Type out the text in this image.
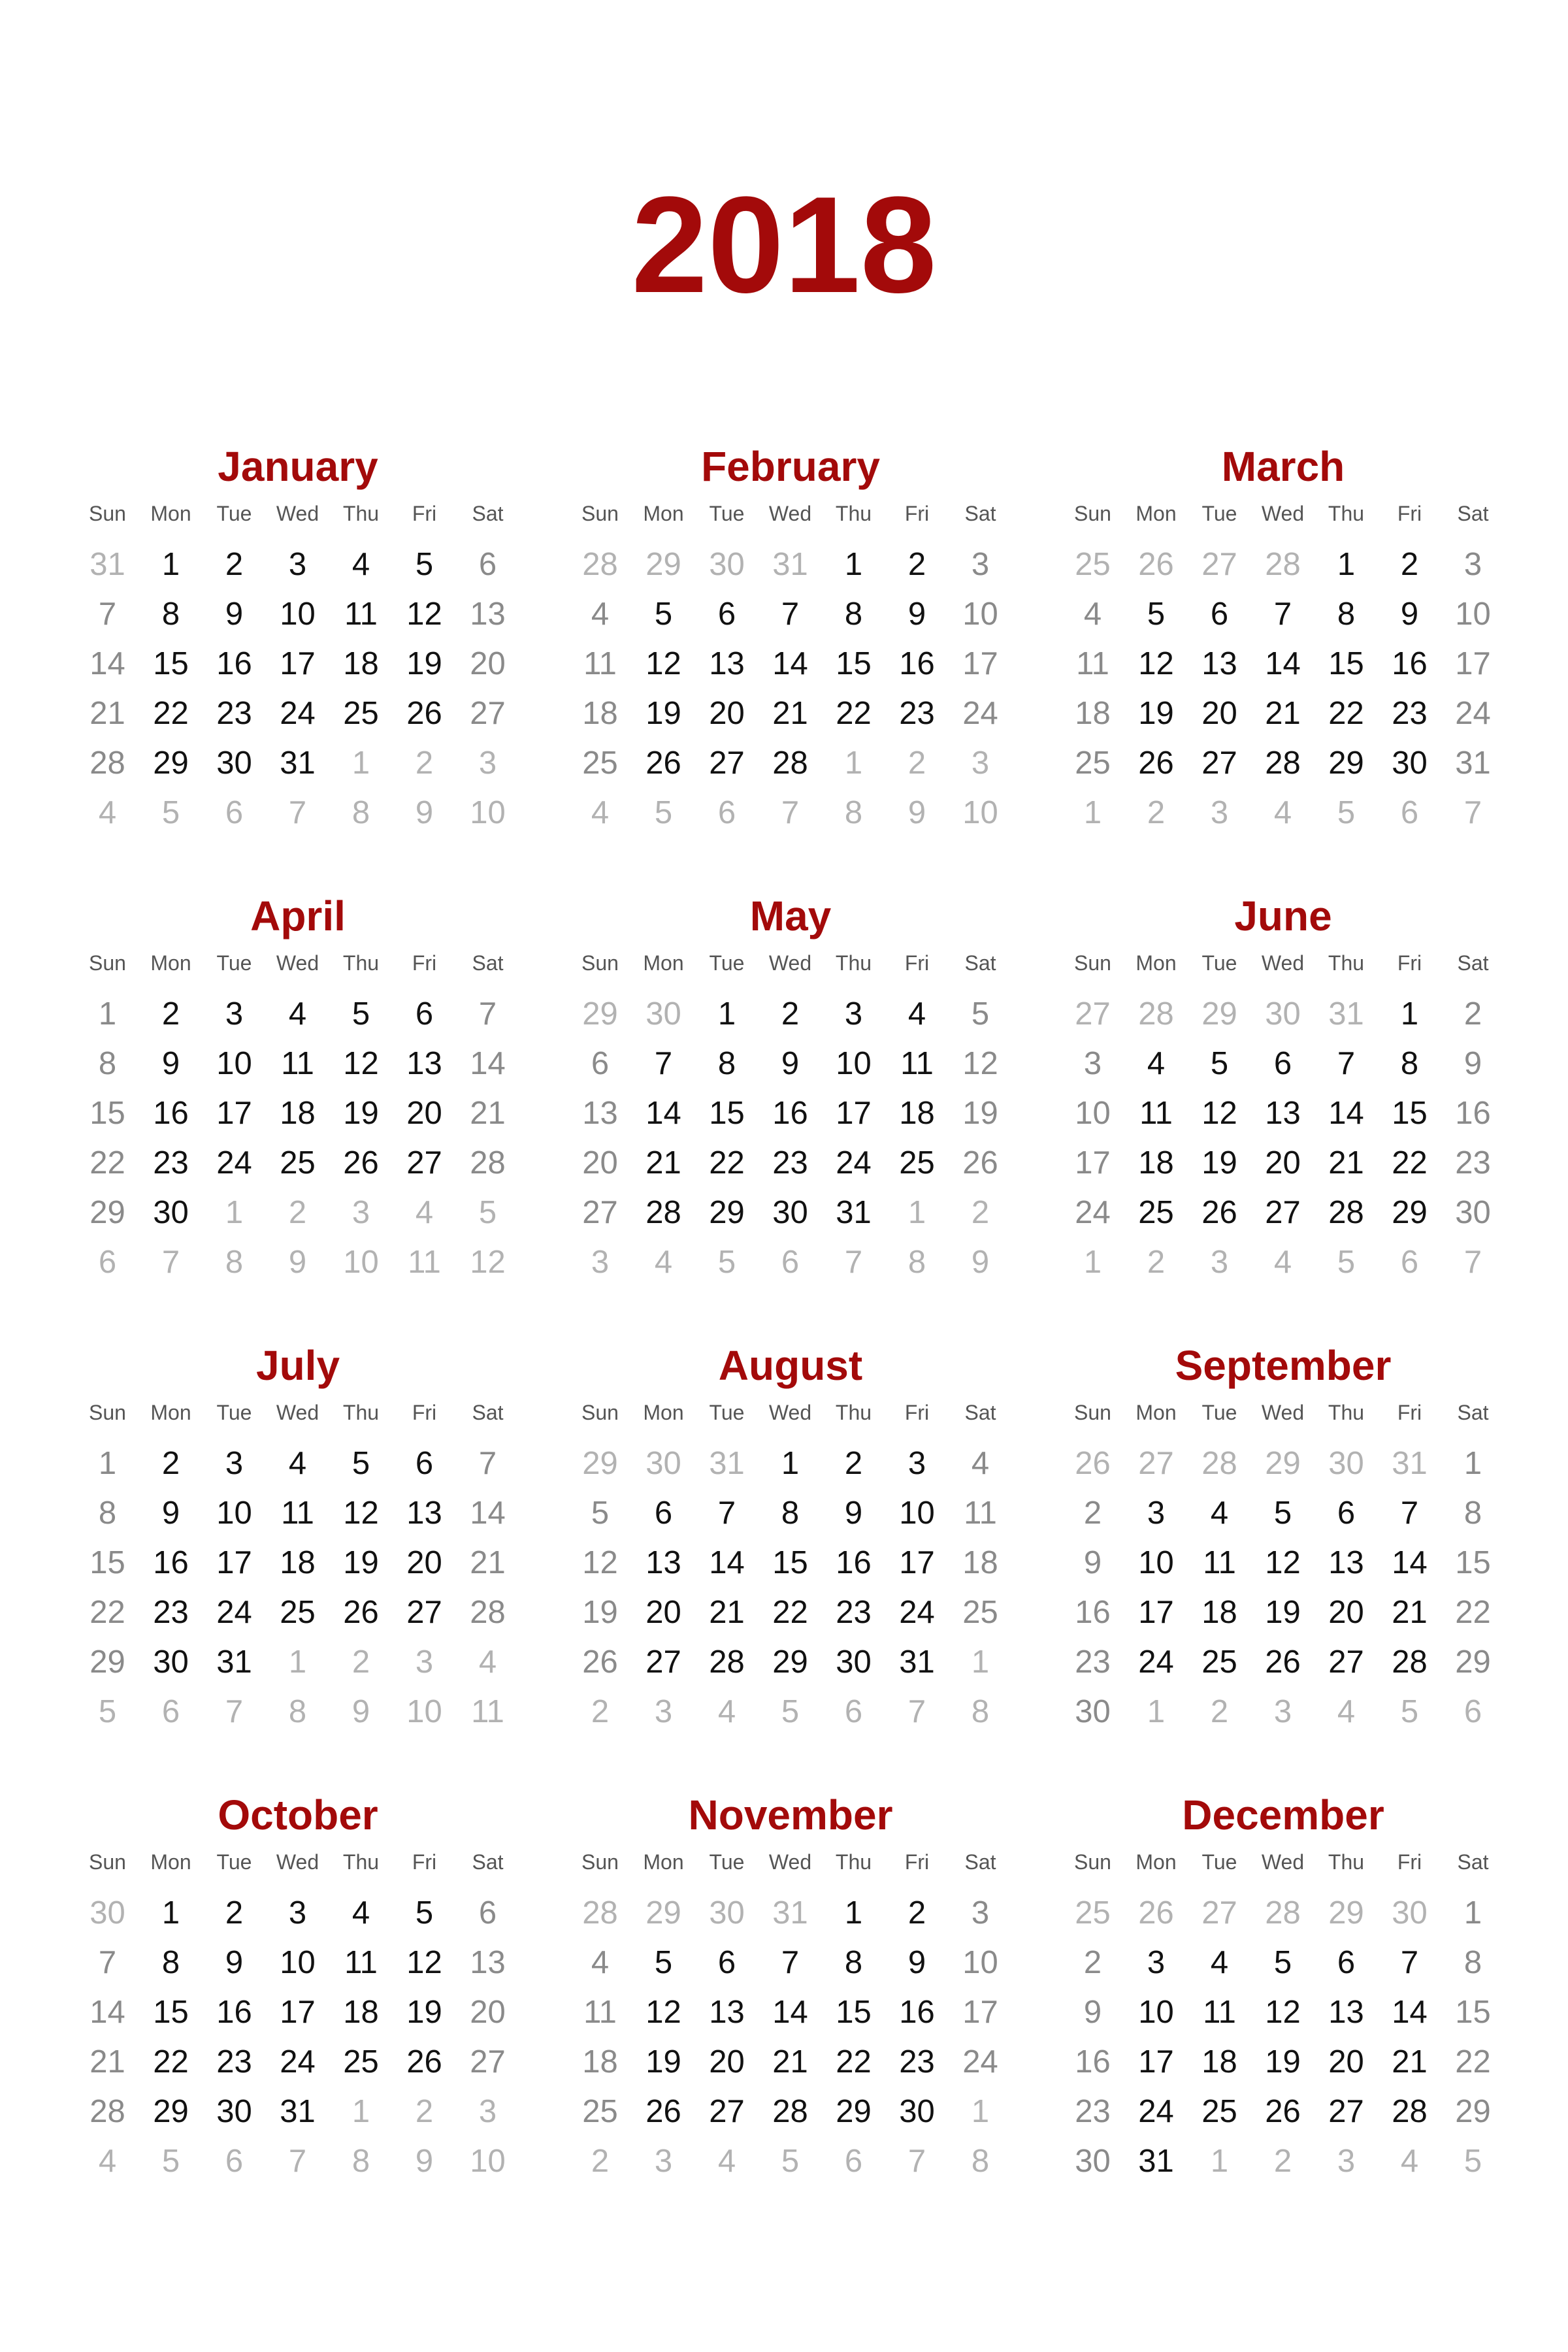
2018
January
Sun	Mon	Tue	Wed	Thu	Fri	Sat
31	1	2	3	4	5	6
7	8	9	10 11 12 13
14 15 16 17 18 19 20
21 22 23 24 25 26 27
28 29 30 31	1	2	3
4	5	6	7	8	9	10
February
Sun	Mon	Tue	Wed	Thu	Fri	Sat
28 29 30 31	1	2	3
4	5	6	7	8	9	10
11 12 13 14 15 16 17
18 19 20 21 22 23 24
25 26 27 28	1	2	3
4	5	6	7	8	9	10
March
Sun	Mon	Tue	Wed	Thu	Fri	Sat
25 26 27 28	1	2	3
4	5	6	7	8	9	10
11 12 13 14 15 16 17
18 19 20 21 22 23 24
25 26 27 28 29 30 31
1	2	3	4	5	6	7
April
Sun	Mon	Tue	Wed	Thu	Fri	Sat
1	2	3	4	5	6	7
8	9	10 11 12 13 14
15 16 17 18 19 20 21
22 23 24 25 26 27 28
29 30	1	2	3	4	5
6	7	8	9	10 11 12
May
Sun	Mon	Tue	Wed	Thu	Fri	Sat
29 30	1	2	3	4	5
6	7	8	9	10 11 12
13 14 15 16 17 18 19
20 21 22 23 24 25 26
27 28 29 30 31	1	2
3	4	5	6	7	8	9
June
Sun	Mon	Tue	Wed	Thu	Fri	Sat
27 28 29 30 31	1	2
3	4	5	6	7	8	9
10 11 12 13 14 15 16
17 18 19 20 21 22 23
24 25 26 27 28 29 30
1	2	3	4	5	6	7
July
Sun	Mon	Tue	Wed	Thu	Fri	Sat
1	2	3	4	5	6	7
8	9	10 11 12 13 14
15 16 17 18 19 20 21
22 23 24 25 26 27 28
29 30 31	1	2	3	4
5	6	7	8	9	10 11
August
Sun	Mon	Tue	Wed	Thu	Fri	Sat
29 30 31	1	2	3	4
5	6	7	8	9	10 11
12 13 14 15 16 17 18
19 20 21 22 23 24 25
26 27 28 29 30 31	1
2	3	4	5	6	7	8
September
Sun	Mon	Tue	Wed	Thu	Fri	Sat
26 27 28 29 30 31	1
2	3	4	5	6	7	8
9	10 11 12 13 14 15
16 17 18 19 20 21 22
23 24 25 26 27 28 29
30	1	2	3	4	5	6
October
Sun	Mon	Tue	Wed	Thu	Fri	Sat
30	1	2	3	4	5	6
7	8	9	10 11 12 13
14 15 16 17 18 19 20
21 22 23 24 25 26 27
28 29 30 31	1	2	3
4	5	6	7	8	9	10
November
Sun	Mon	Tue	Wed	Thu	Fri	Sat
28 29 30 31	1	2	3
4	5	6	7	8	9	10
11 12 13 14 15 16 17
18 19 20 21 22 23 24
25 26 27 28 29 30	1
2	3	4	5	6	7	8
December
Sun	Mon	Tue	Wed	Thu	Fri	Sat
25 26 27 28 29 30	1
2	3	4	5	6	7	8
9	10 11 12 13 14 15
16 17 18 19 20 21 22
23 24 25 26 27 28 29
30 31	1	2	3	4	5
